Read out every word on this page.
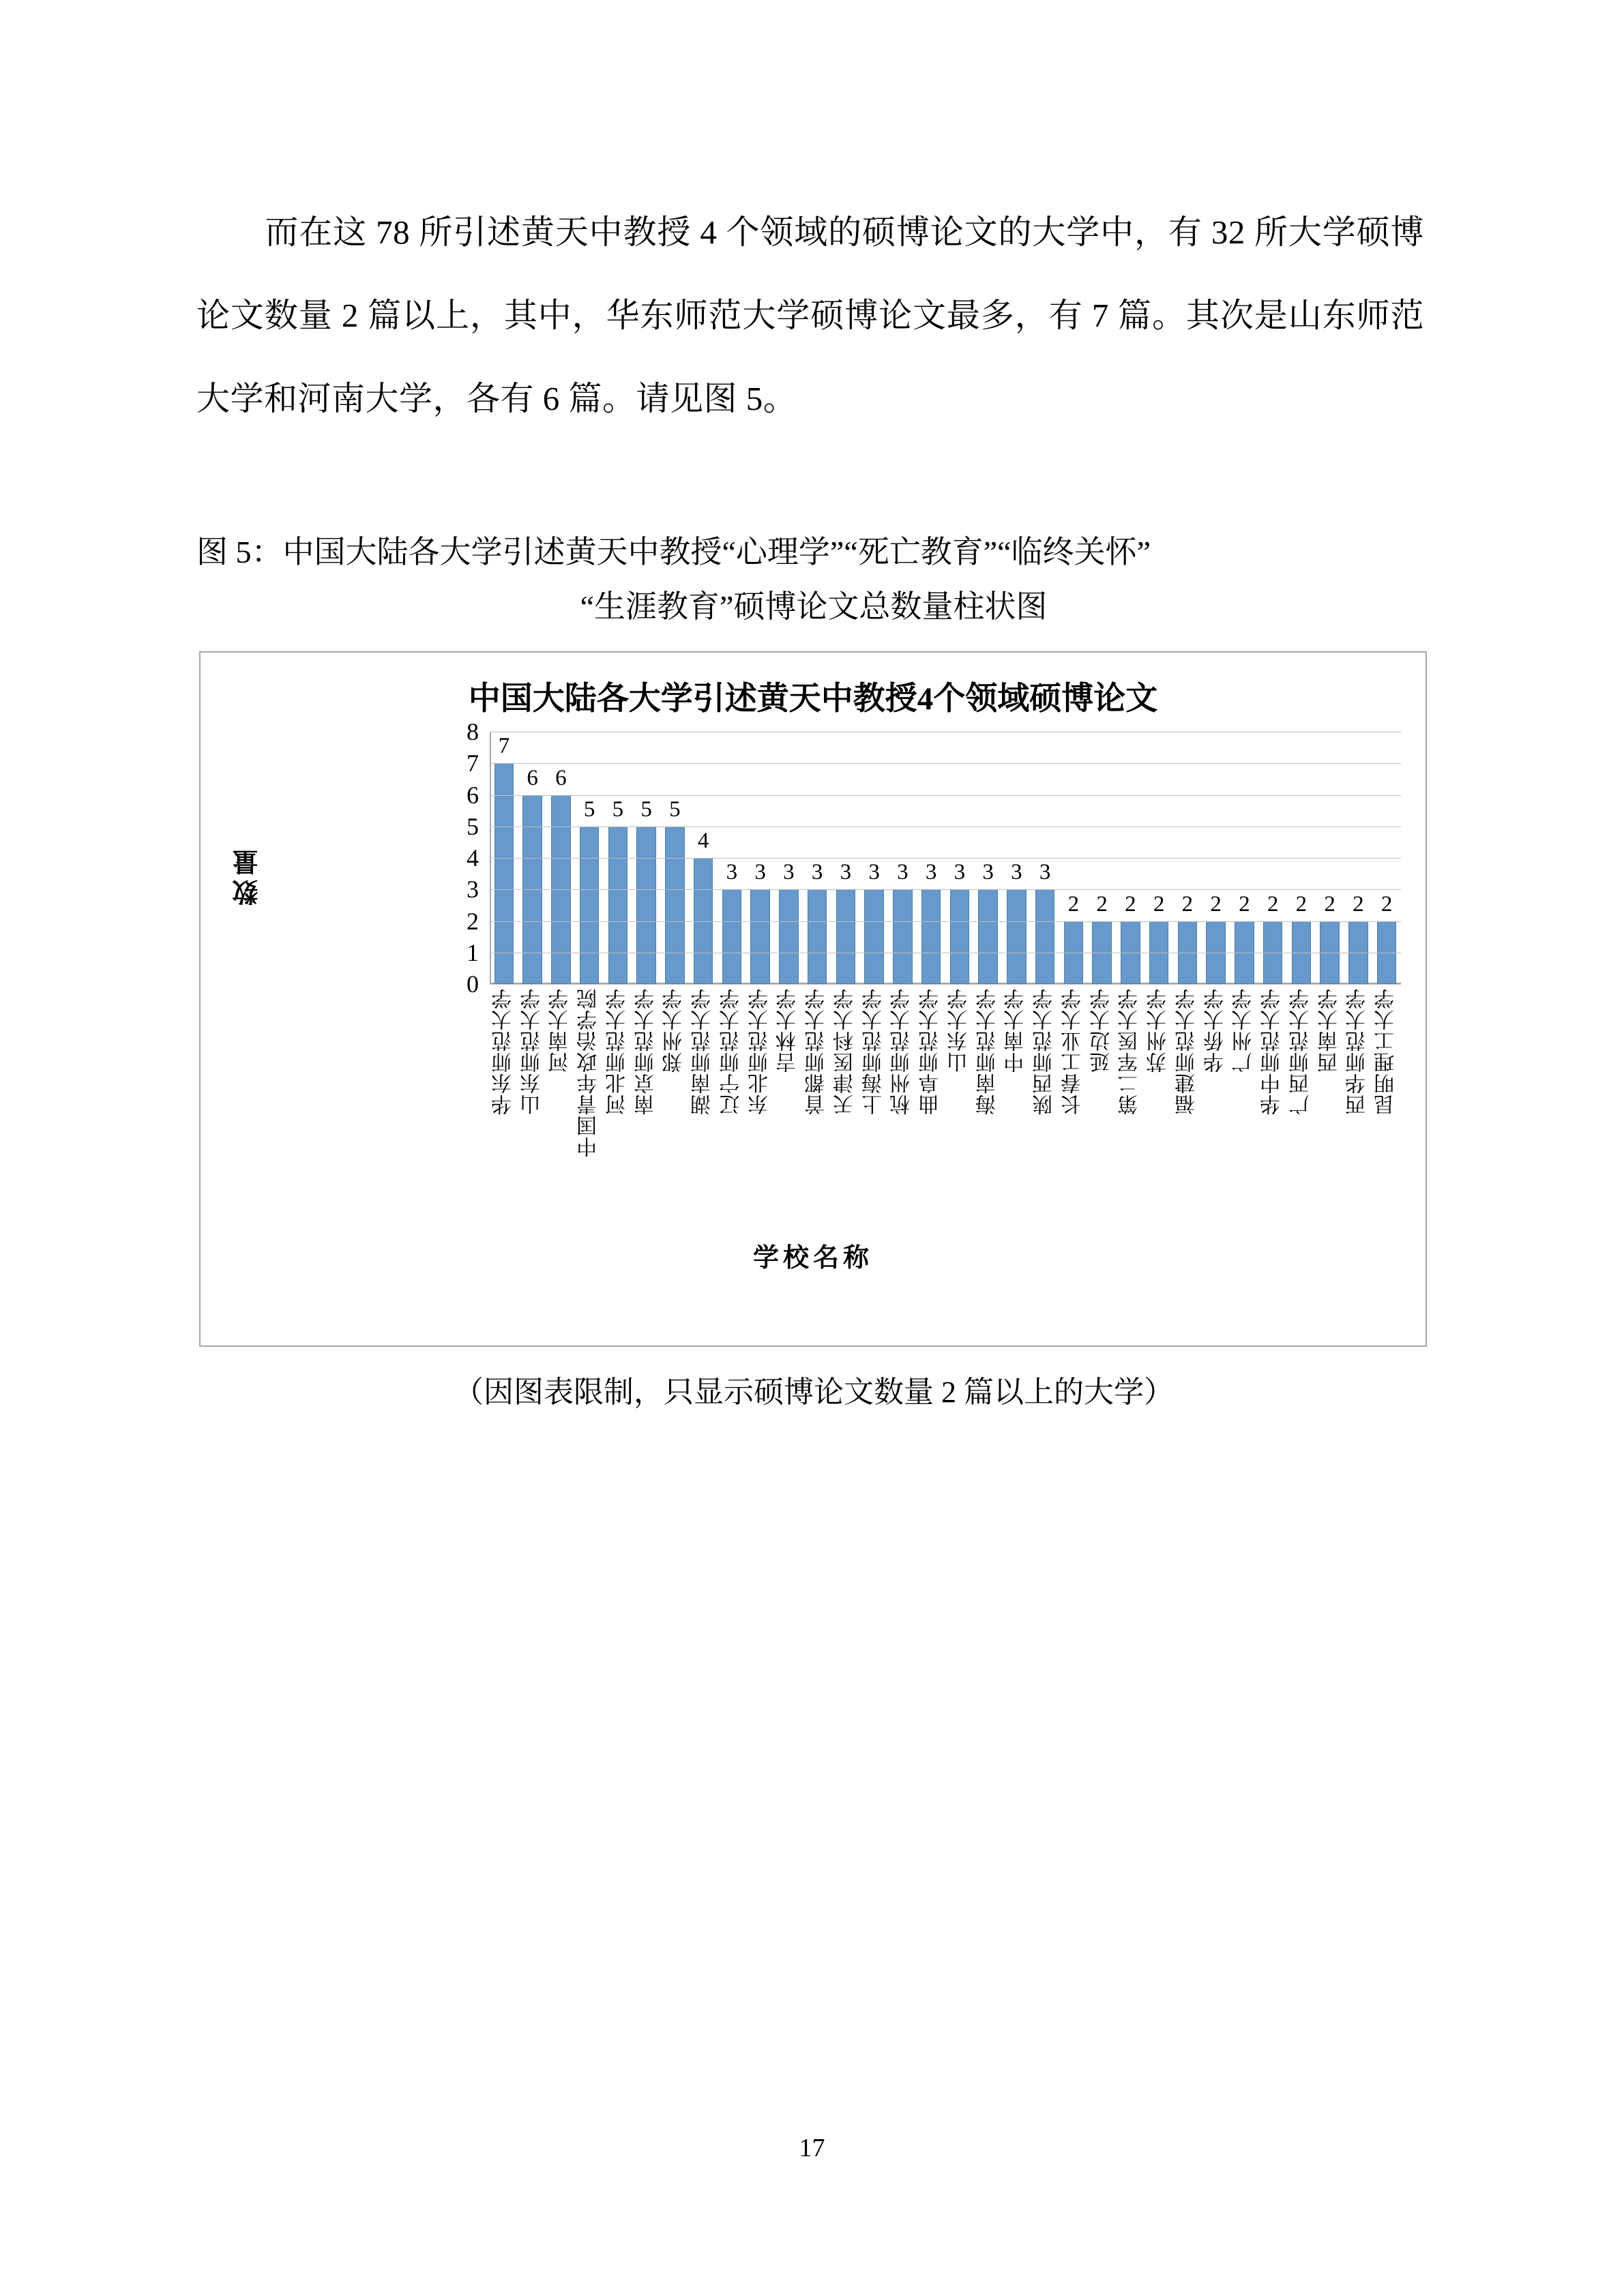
而在这 78 所引述黄天中教授 4 个领域的硕博论文的大学中，有 32 所大学硕博论文数量 2 篇以上，其中，华东师范大学硕博论文最多，有 7 篇。其次是山东师范大学和河南大学，各有 6 篇。请见图 5。
图 5：中国大陆各大学引述黄天中教授“心理学”“死亡教育”“临终关怀”
“生涯教育”硕博论文总数量柱状图
中国大陆各大学引述黄天中教授4个领域硕博论文
7
6 6
5 5 5 5
4
3 3 3 3 3 3 3 3 3 3 3 3
2 2 2 2 2 2 2 2 2 2 2 2
8
7
6
5
4
3
2
1
0
华东师范大学 山东师范大学 河南大学 中国青年政治学院 河北师范大学 南京师范大学 郑州大学 湖南师范大学 辽宁师范大学 东北师范大学 吉林大学 首都师范大学 天津医科大学 上海师范大学 杭州师范大学 曲阜师范大学 山东大学 海南师范大学 中南大学 陕西师范大学 长春工业大学 延边大学 第二军医大学 苏州大学 福建师范大学 华侨大学 广州大学 华中师范大学 广西师范大学 西南大学 西华师范大学 昆明理工大学
学校名称
数量
（因图表限制，只显示硕博论文数量 2 篇以上的大学）
17
